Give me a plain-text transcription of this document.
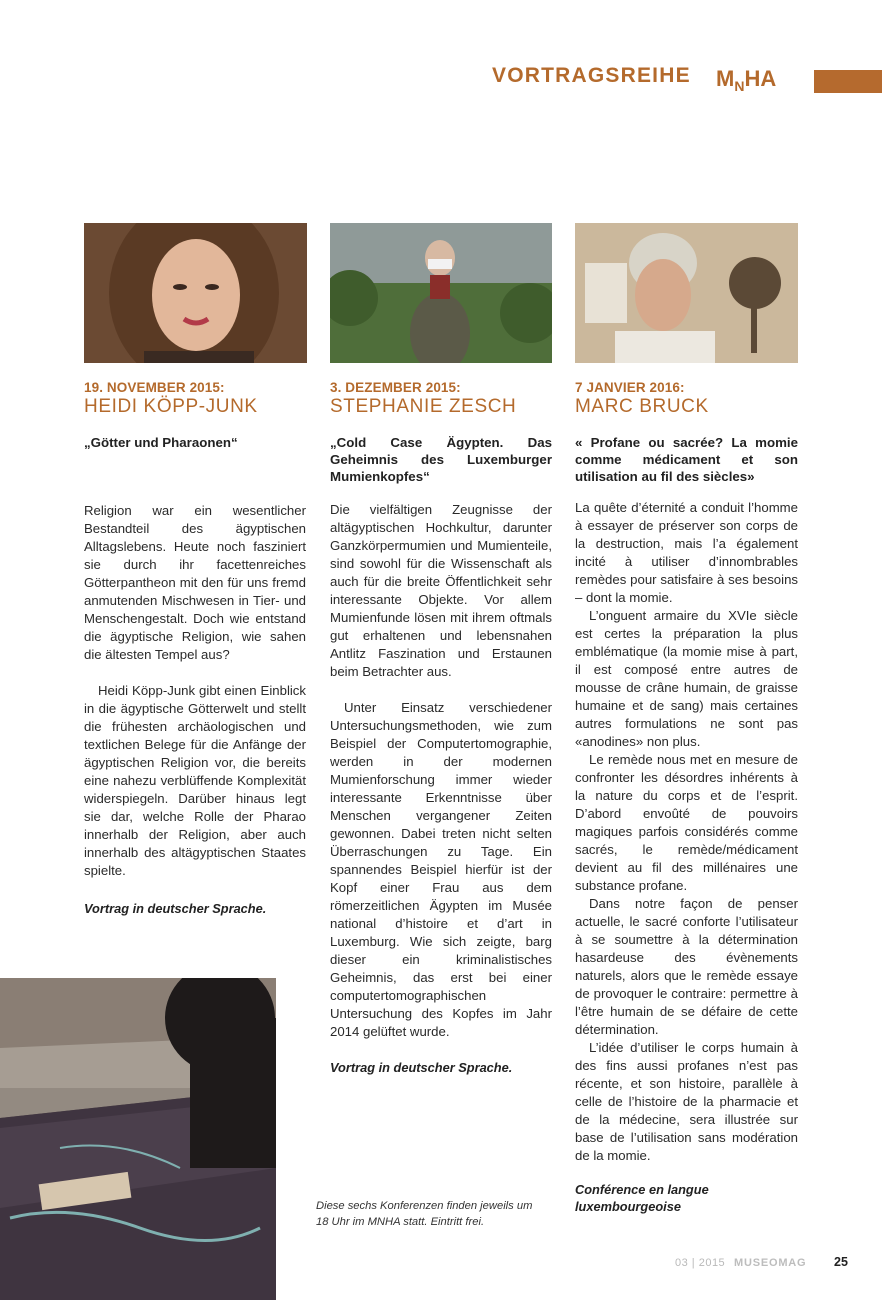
VORTRAGSREIHE $M_NHA$
19. NOVEMBER 2015:
HEIDI KÖPP-JUNK
„Götter und Pharaonen“

Religion war ein wesentlicher Bestandteil des ägyptischen Alltagslebens. Heute noch fasziniert sie durch ihr facettenreiches Götterpantheon mit den für uns fremd anmutenden Mischwesen in Tier- und Menschengestalt. Doch wie entstand die ägyptische Religion, wie sahen die ältesten Tempel aus?

Heidi Köpp-Junk gibt einen Einblick in die ägyptische Götterwelt und stellt die frühesten archäologischen und textlichen Belege für die Anfänge der ägyptischen Religion vor, die bereits eine nahezu verblüffende Komplexität widerspiegeln. Darüber hinaus legt sie dar, welche Rolle der Pharao innerhalb der Religion, aber auch innerhalb des altägyptischen Staates spielte.

Vortrag in deutscher Sprache.
3. DEZEMBER 2015:
STEPHANIE ZESCH
„Cold Case Ägypten. Das Geheimnis des Luxemburger Mumienkopfes“

Die vielfältigen Zeugnisse der altägyptischen Hochkultur, darunter Ganzkörpermumien und Mumienteile, sind sowohl für die Wissenschaft als auch für die breite Öffentlichkeit sehr interessante Objekte. Vor allem Mumienfunde lösen mit ihrem oftmals gut erhaltenen und lebensnahen Antlitz Faszination und Erstaunen beim Betrachter aus.

Unter Einsatz verschiedener Untersuchungsmethoden, wie zum Beispiel der Computertomographie, werden in der modernen Mumienforschung immer wieder interessante Erkenntnisse über Menschen vergangener Zeiten gewonnen. Dabei treten nicht selten Überraschungen zu Tage. Ein spannendes Beispiel hierfür ist der Kopf einer Frau aus dem römerzeitlichen Ägypten im Musée national d’histoire et d’art in Luxemburg. Wie sich zeigte, barg dieser ein kriminalistisches Geheimnis, das erst bei einer computertomographischen Untersuchung des Kopfes im Jahr 2014 gelüftet wurde.

Vortrag in deutscher Sprache.
7 JANVIER 2016:
MARC BRUCK
« Profane ou sacrée? La momie comme médicament et son utilisation au fil des siècles»

La quête d’éternité a conduit l’homme à essayer de préserver son corps de la destruction, mais l’a également incité à utiliser d’innombrables remèdes pour satisfaire à ses besoins – dont la momie.

L’onguent armaire du XVIe siècle est certes la préparation la plus emblématique (la momie mise à part, il est composé entre autres de mousse de crâne humain, de graisse humaine et de sang) mais certaines autres formulations ne sont pas «anodines» non plus.

Le remède nous met en mesure de confronter les désordres inhérents à la nature du corps et de l’esprit. D’abord envoûté de pouvoirs magiques parfois considérés comme sacrés, le remède/médicament devient au fil des millénaires une substance profane.

Dans notre façon de penser actuelle, le sacré conforte l’utilisateur à se soumettre à la détermination hasardeuse des évènements naturels, alors que le remède essaye de provoquer le contraire: permettre à l’être humain de se défaire de cette détermination.

L’idée d’utiliser le corps humain à des fins aussi profanes n’est pas récente, et son histoire, parallèle à celle de l’histoire de la pharmacie et de la médecine, sera illustrée sur base de l’utilisation sans modération de la momie.

Conférence en langue luxembourgeoise
Diese sechs Konferenzen finden jeweils um 18 Uhr im MNHA statt. Eintritt frei.
03 | 2015 MUSEOMAG 25
